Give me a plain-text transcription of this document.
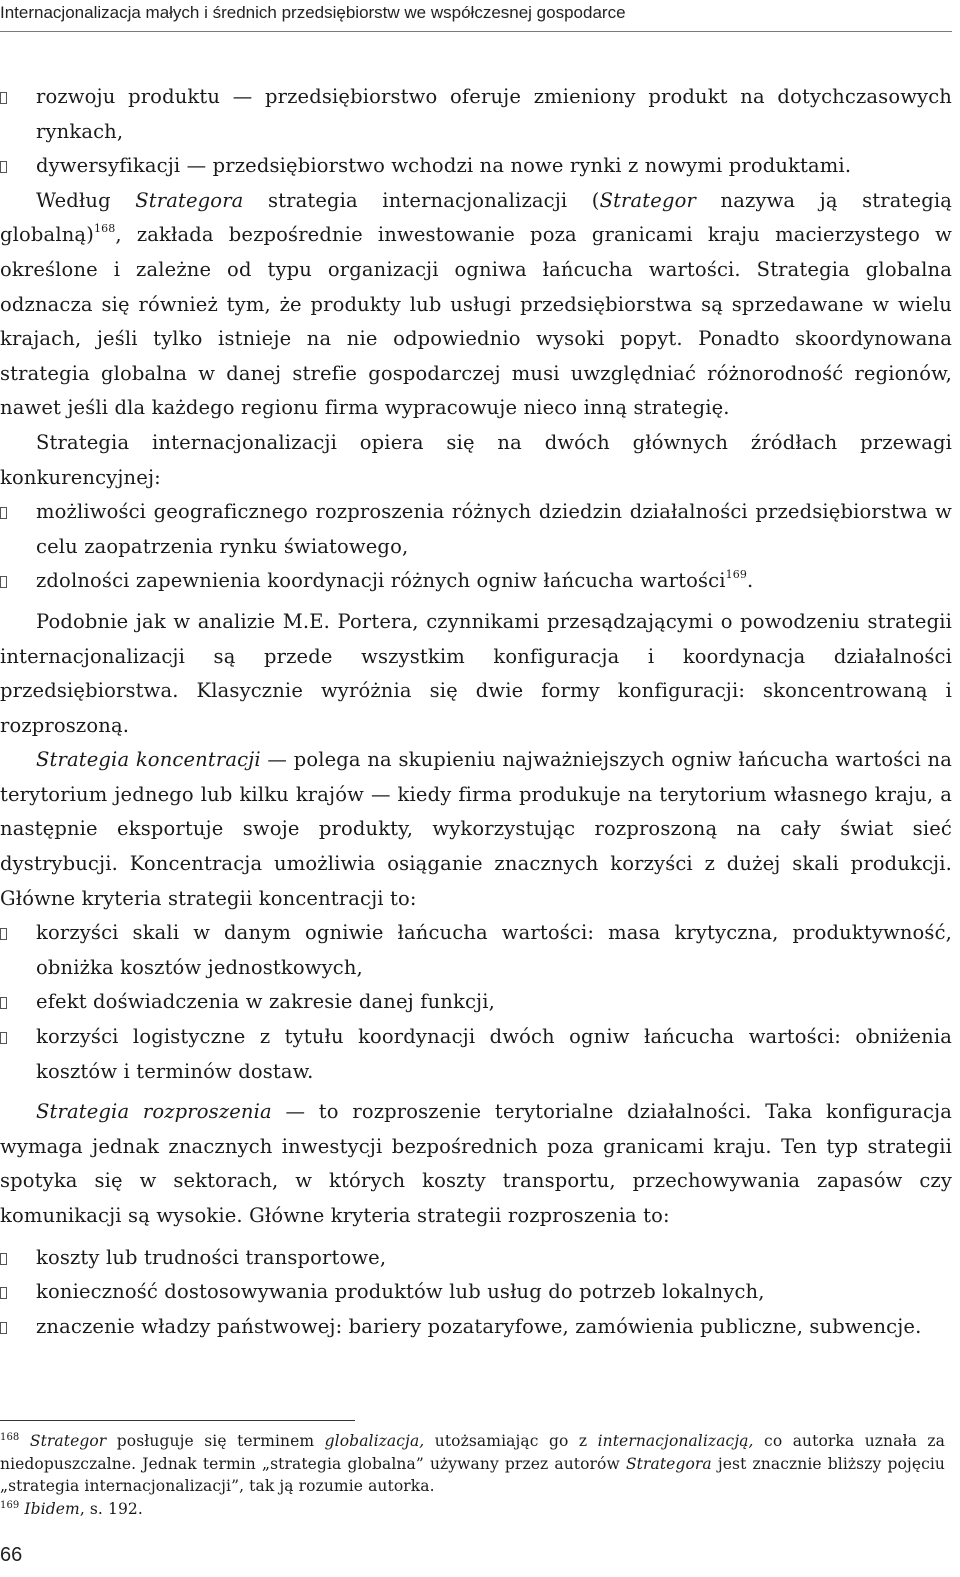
Internacjonalizacja małych i średnich przedsiębiorstw we współczesnej gospodarce
rozwoju produktu — przedsiębiorstwo oferuje zmieniony produkt na dotychczasowych rynkach,
dywersyfikacji — przedsiębiorstwo wchodzi na nowe rynki z nowymi produktami.

Według Strategora strategia internacjonalizacji (Strategor nazywa ją strategią globalną)$^{168}$, zakłada bezpośrednie inwestowanie poza granicami kraju macierzystego w określone i zależne od typu organizacji ogniwa łańcucha wartości. Strategia globalna odznacza się również tym, że produkty lub usługi przedsiębiorstwa są sprzedawane w wielu krajach, jeśli tylko istnieje na nie odpowiednio wysoki popyt. Ponadto skoordynowana strategia globalna w danej strefie gospodarczej musi uwzględniać różnorodność regionów, nawet jeśli dla każdego regionu firma wypracowuje nieco inną strategię.

Strategia internacjonalizacji opiera się na dwóch głównych źródłach przewagi konkurencyjnej:

możliwości geograficznego rozproszenia różnych dziedzin działalności przedsiębiorstwa w celu zaopatrzenia rynku światowego,
zdolności zapewnienia koordynacji różnych ogniw łańcucha wartości$^{169}$.

Podobnie jak w analizie M.E. Portera, czynnikami przesądzającymi o powodzeniu strategii internacjonalizacji są przede wszystkim konfiguracja i koordynacja działalności przedsiębiorstwa. Klasycznie wyróżnia się dwie formy konfiguracji: skoncentrowaną i rozproszoną.

Strategia koncentracji — polega na skupieniu najważniejszych ogniw łańcucha wartości na terytorium jednego lub kilku krajów — kiedy firma produkuje na terytorium własnego kraju, a następnie eksportuje swoje produkty, wykorzystując rozproszoną na cały świat sieć dystrybucji. Koncentracja umożliwia osiąganie znacznych korzyści z dużej skali produkcji. Główne kryteria strategii koncentracji to:

korzyści skali w danym ogniwie łańcucha wartości: masa krytyczna, produktywność, obniżka kosztów jednostkowych,
efekt doświadczenia w zakresie danej funkcji,
korzyści logistyczne z tytułu koordynacji dwóch ogniw łańcucha wartości: obniżenia kosztów i terminów dostaw.

Strategia rozproszenia — to rozproszenie terytorialne działalności. Taka konfiguracja wymaga jednak znacznych inwestycji bezpośrednich poza granicami kraju. Ten typ strategii spotyka się w sektorach, w których koszty transportu, przechowywania zapasów czy komunikacji są wysokie. Główne kryteria strategii rozproszenia to:

koszty lub trudności transportowe,
konieczność dostosowywania produktów lub usług do potrzeb lokalnych,
znaczenie władzy państwowej: bariery pozataryfowe, zamówienia publiczne, subwencje.

$^{168}$ Strategor posługuje się terminem globalizacja, utożsamiając go z internacjonalizacją, co autorka uznała za niedopuszczalne. Jednak termin „strategia globalna” używany przez autorów Strategora jest znacznie bliższy pojęciu „strategia internacjonalizacji”, tak ją rozumie autorka.

$^{169}$ Ibidem, s. 192.

66
